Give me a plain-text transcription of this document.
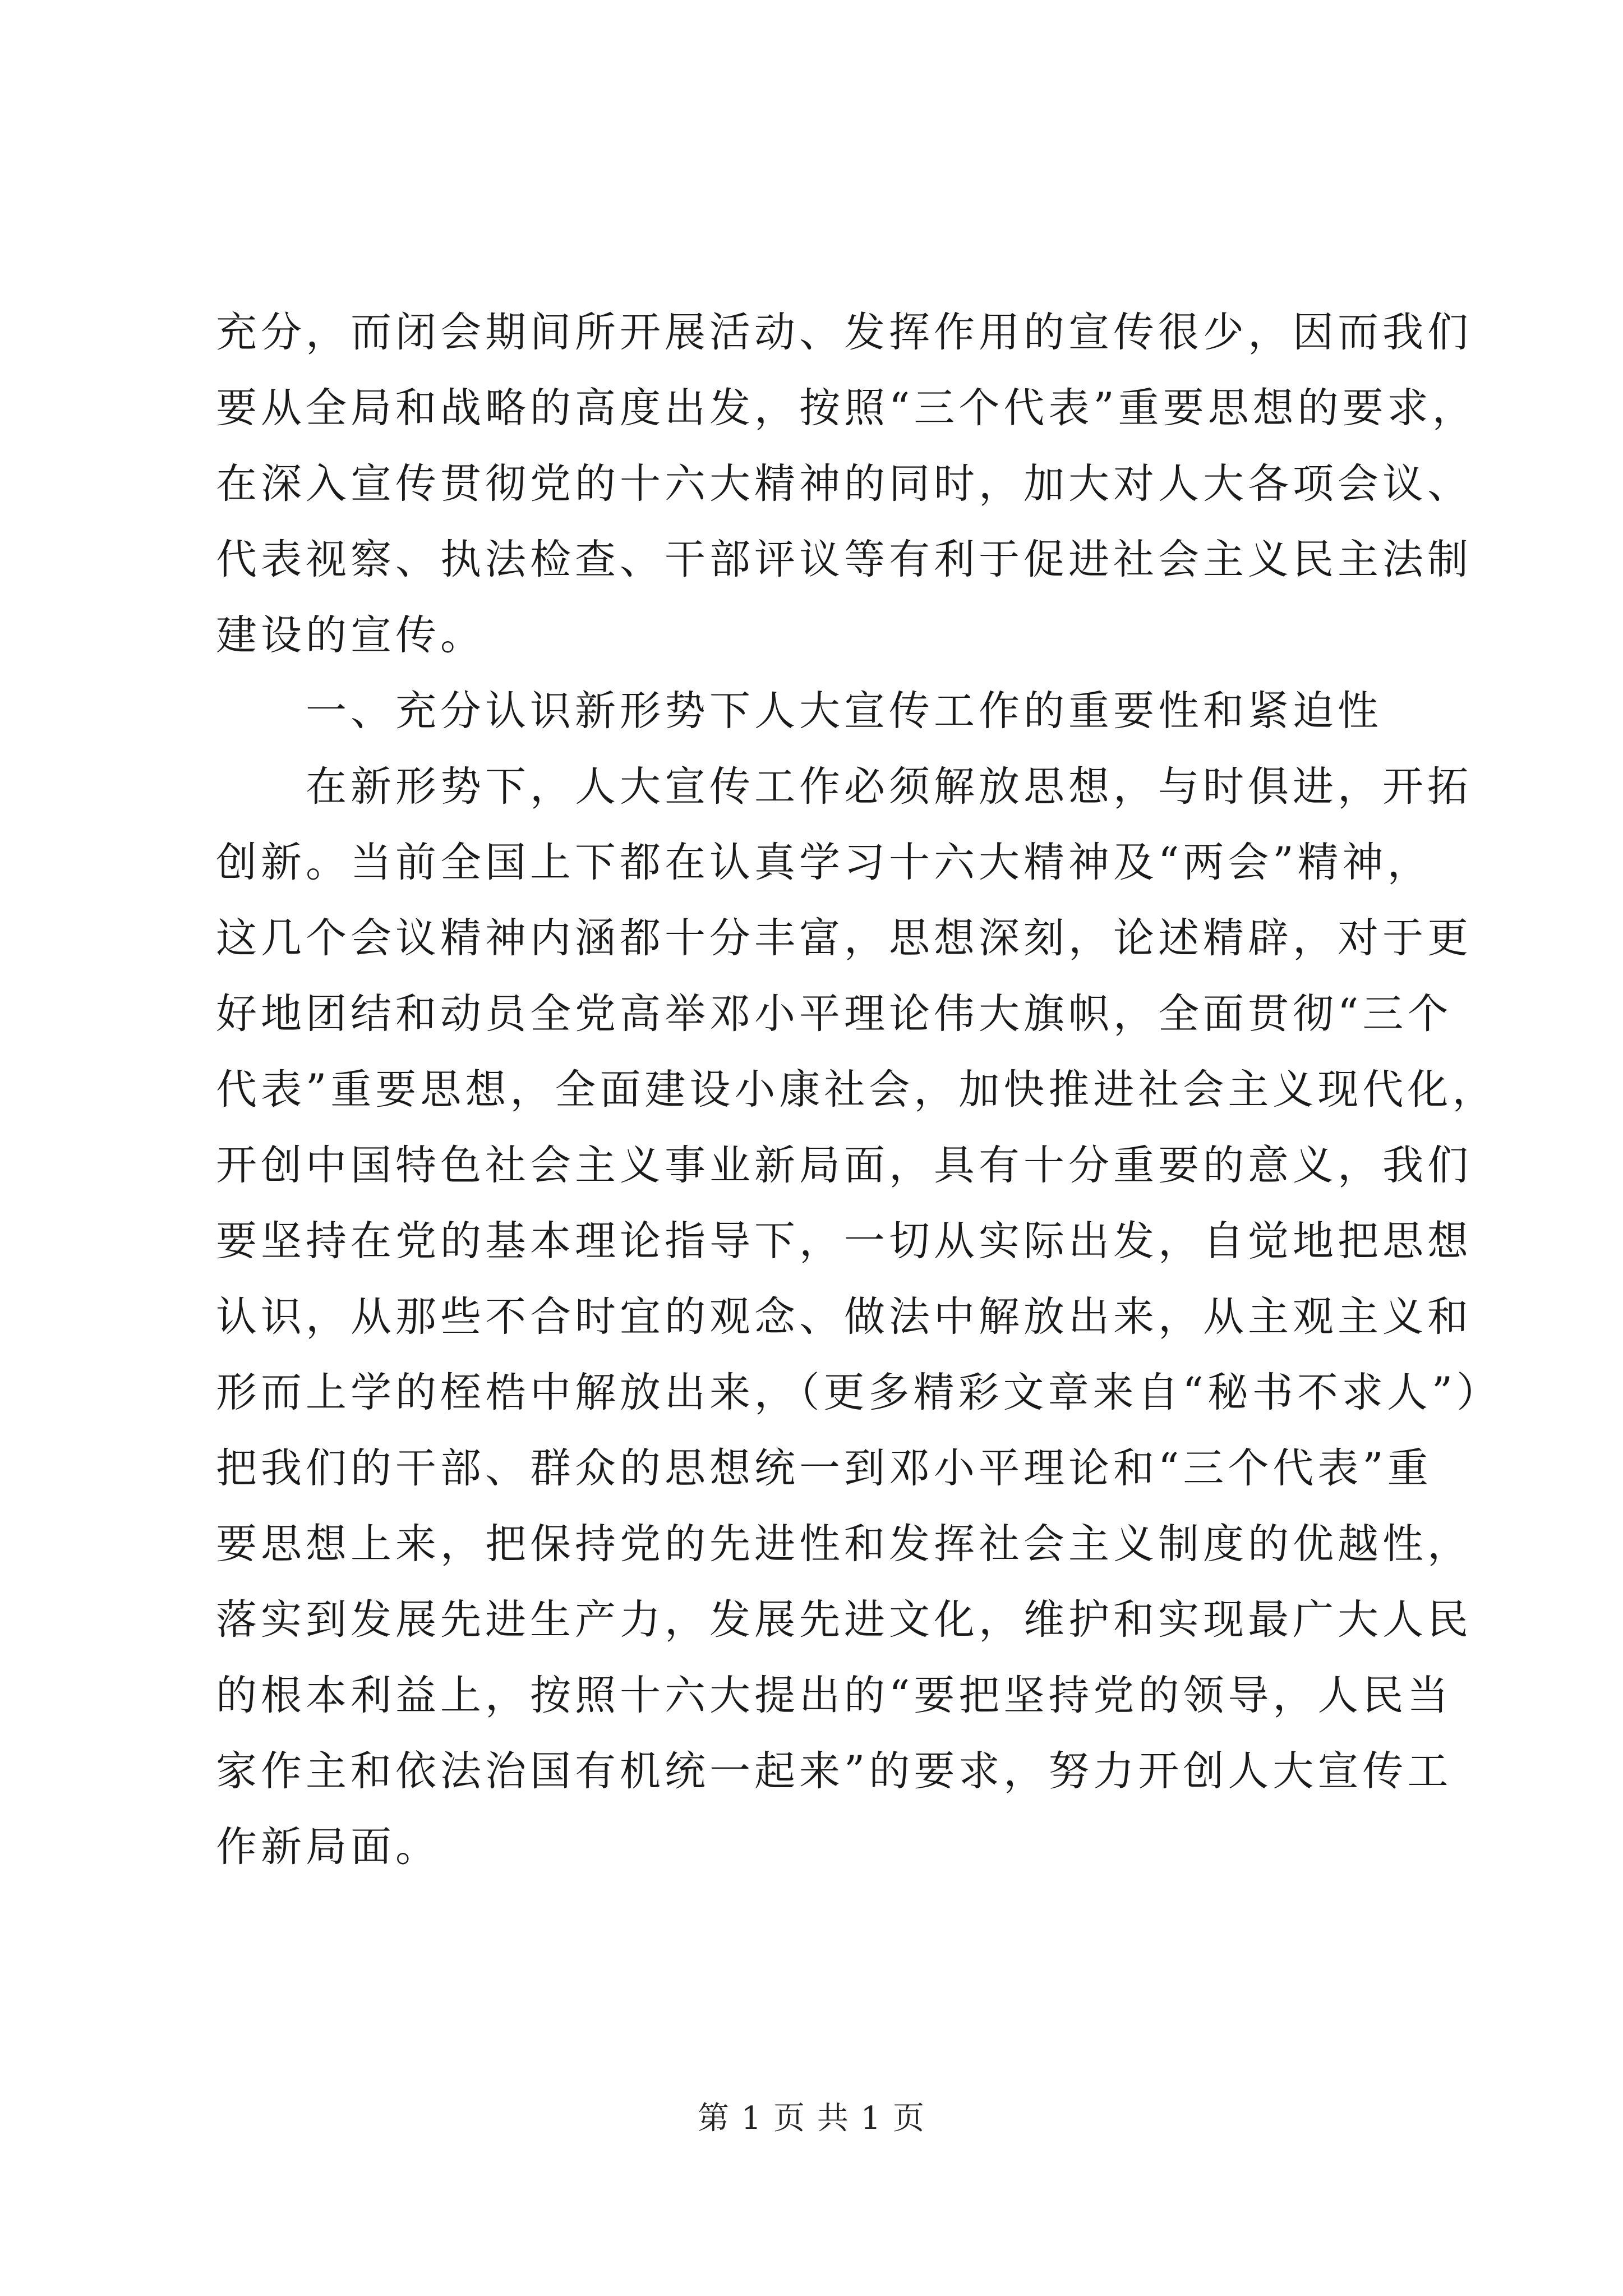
充分，而闭会期间所开展活动、发挥作用的宣传很少，因而我们
要从全局和战略的高度出发，按照“三个代表”重要思想的要求，
在深入宣传贯彻党的十六大精神的同时，加大对人大各项会议、
代表视察、执法检查、干部评议等有利于促进社会主义民主法制
建设的宣传。
一、充分认识新形势下人大宣传工作的重要性和紧迫性
在新形势下，人大宣传工作必须解放思想，与时俱进，开拓
创新。当前全国上下都在认真学习十六大精神及“两会”精神，
这几个会议精神内涵都十分丰富，思想深刻，论述精辟，对于更
好地团结和动员全党高举邓小平理论伟大旗帜，全面贯彻“三个
代表”重要思想，全面建设小康社会，加快推进社会主义现代化，
开创中国特色社会主义事业新局面，具有十分重要的意义，我们
要坚持在党的基本理论指导下，一切从实际出发，自觉地把思想
认识，从那些不合时宜的观念、做法中解放出来，从主观主义和
形而上学的桎梏中解放出来，（更多精彩文章来自“秘书不求人”）
把我们的干部、群众的思想统一到邓小平理论和“三个代表”重
要思想上来，把保持党的先进性和发挥社会主义制度的优越性，
落实到发展先进生产力，发展先进文化，维护和实现最广大人民
的根本利益上，按照十六大提出的“要把坚持党的领导，人民当
家作主和依法治国有机统一起来”的要求，努力开创人大宣传工
作新局面。
第 1 页 共 1 页
